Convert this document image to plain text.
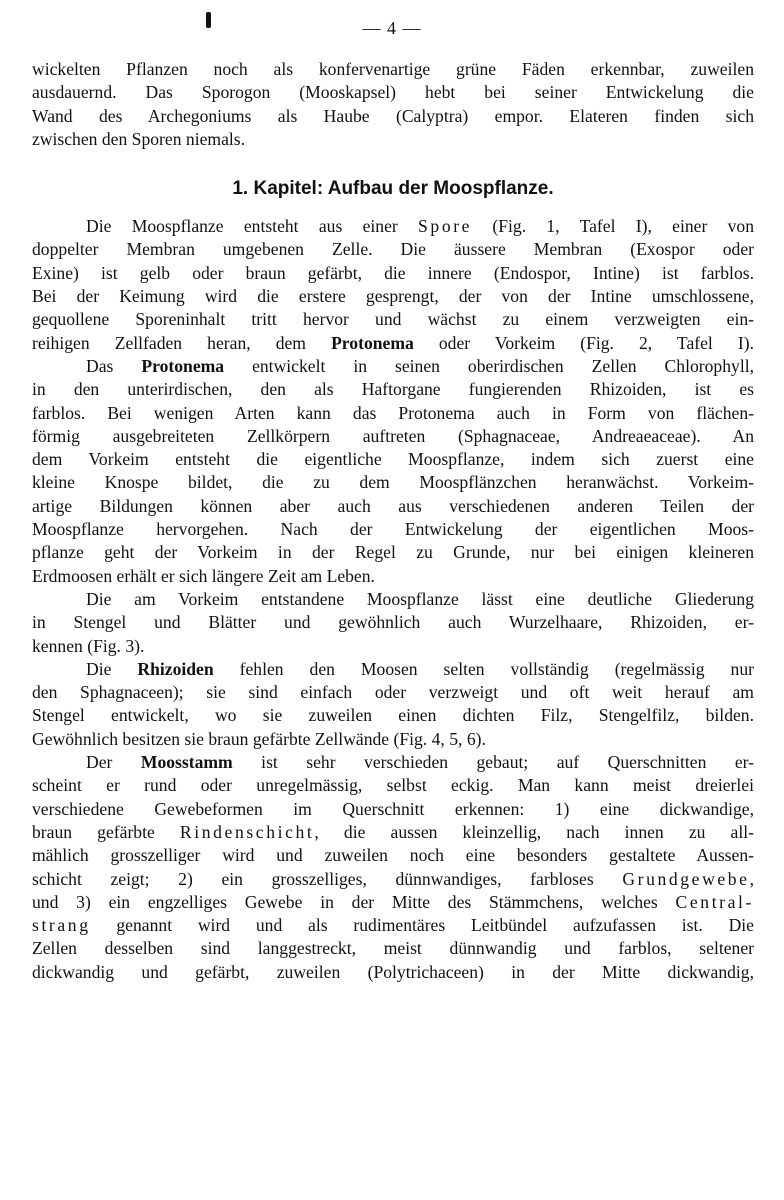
— 4 —
wickelten Pflanzen noch als konfervenartige grüne Fäden erkennbar, zuweilen
ausdauernd. Das Sporogon (Mooskapsel) hebt bei seiner Entwickelung die
Wand des Archegoniums als Haube (Calyptra) empor. Elateren finden sich
zwischen den Sporen niemals.
1. Kapitel: Aufbau der Moospflanze.
Die Moospflanze entsteht aus einer Spore (Fig. 1, Tafel I), einer von
doppelter Membran umgebenen Zelle. Die äussere Membran (Exospor oder
Exine) ist gelb oder braun gefärbt, die innere (Endospor, Intine) ist farblos.
Bei der Keimung wird die erstere gesprengt, der von der Intine umschlossene,
gequollene Sporeninhalt tritt hervor und wächst zu einem verzweigten ein-
reihigen Zellfaden heran, dem Protonema oder Vorkeim (Fig. 2, Tafel I).
Das Protonema entwickelt in seinen oberirdischen Zellen Chlorophyll,
in den unterirdischen, den als Haftorgane fungierenden Rhizoiden, ist es
farblos. Bei wenigen Arten kann das Protonema auch in Form von flächen-
förmig ausgebreiteten Zellkörpern auftreten (Sphagnaceae, Andreaeaceae). An
dem Vorkeim entsteht die eigentliche Moospflanze, indem sich zuerst eine
kleine Knospe bildet, die zu dem Moospflänzchen heranwächst. Vorkeim-
artige Bildungen können aber auch aus verschiedenen anderen Teilen der
Moospflanze hervorgehen. Nach der Entwickelung der eigentlichen Moos-
pflanze geht der Vorkeim in der Regel zu Grunde, nur bei einigen kleineren
Erdmoosen erhält er sich längere Zeit am Leben.
Die am Vorkeim entstandene Moospflanze lässt eine deutliche Gliederung
in Stengel und Blätter und gewöhnlich auch Wurzelhaare, Rhizoiden, er-
kennen (Fig. 3).
Die Rhizoiden fehlen den Moosen selten vollständig (regelmässig nur
den Sphagnaceen); sie sind einfach oder verzweigt und oft weit herauf am
Stengel entwickelt, wo sie zuweilen einen dichten Filz, Stengelfilz, bilden.
Gewöhnlich besitzen sie braun gefärbte Zellwände (Fig. 4, 5, 6).
Der Moosstamm ist sehr verschieden gebaut; auf Querschnitten er-
scheint er rund oder unregelmässig, selbst eckig. Man kann meist dreierlei
verschiedene Gewebeformen im Querschnitt erkennen: 1) eine dickwandige,
braun gefärbte Rindenschicht, die aussen kleinzellig, nach innen zu all-
mählich grosszelliger wird und zuweilen noch eine besonders gestaltete Aussen-
schicht zeigt; 2) ein grosszelliges, dünnwandiges, farbloses Grundgewebe,
und 3) ein engzelliges Gewebe in der Mitte des Stämmchens, welches Central-
strang genannt wird und als rudimentäres Leitbündel aufzufassen ist. Die
Zellen desselben sind langgestreckt, meist dünnwandig und farblos, seltener
dickwandig und gefärbt, zuweilen (Polytrichaceen) in der Mitte dickwandig,
